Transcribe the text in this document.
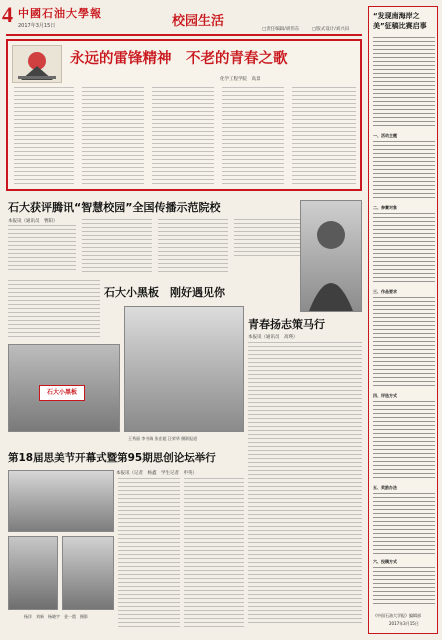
4 中國石油大學報
2017年3月15日	校园生活
□责任编辑/胡伟东	□版式设计/刘兴田
永远的雷锋精神　不老的青春之歌
化学工程学院　高景
石大获评腾讯“智慧校园”全国传播示范院校
本报讯（通讯员　曹阳）
青春扬志策马行
本报讯（通讯员　高瑛）
石大小黑板　刚好遇见你
石大小黑板
王秀丽 李书瑞 张宏超 汪荣华 摄影报道
第18届思美节开幕式暨第95期思创论坛举行
本报讯（记者　杨鑫　学生记者　申英）
杨洋　刘新　杨晓宇　金一霞　摄影
“发现南海岸之美”征稿比赛启事
一、活动主题
二、参赛对象
三、作品要求
四、评选方式
五、奖励办法
六、投稿方式
《中国石油大学报》编辑部
2017年3月15日
